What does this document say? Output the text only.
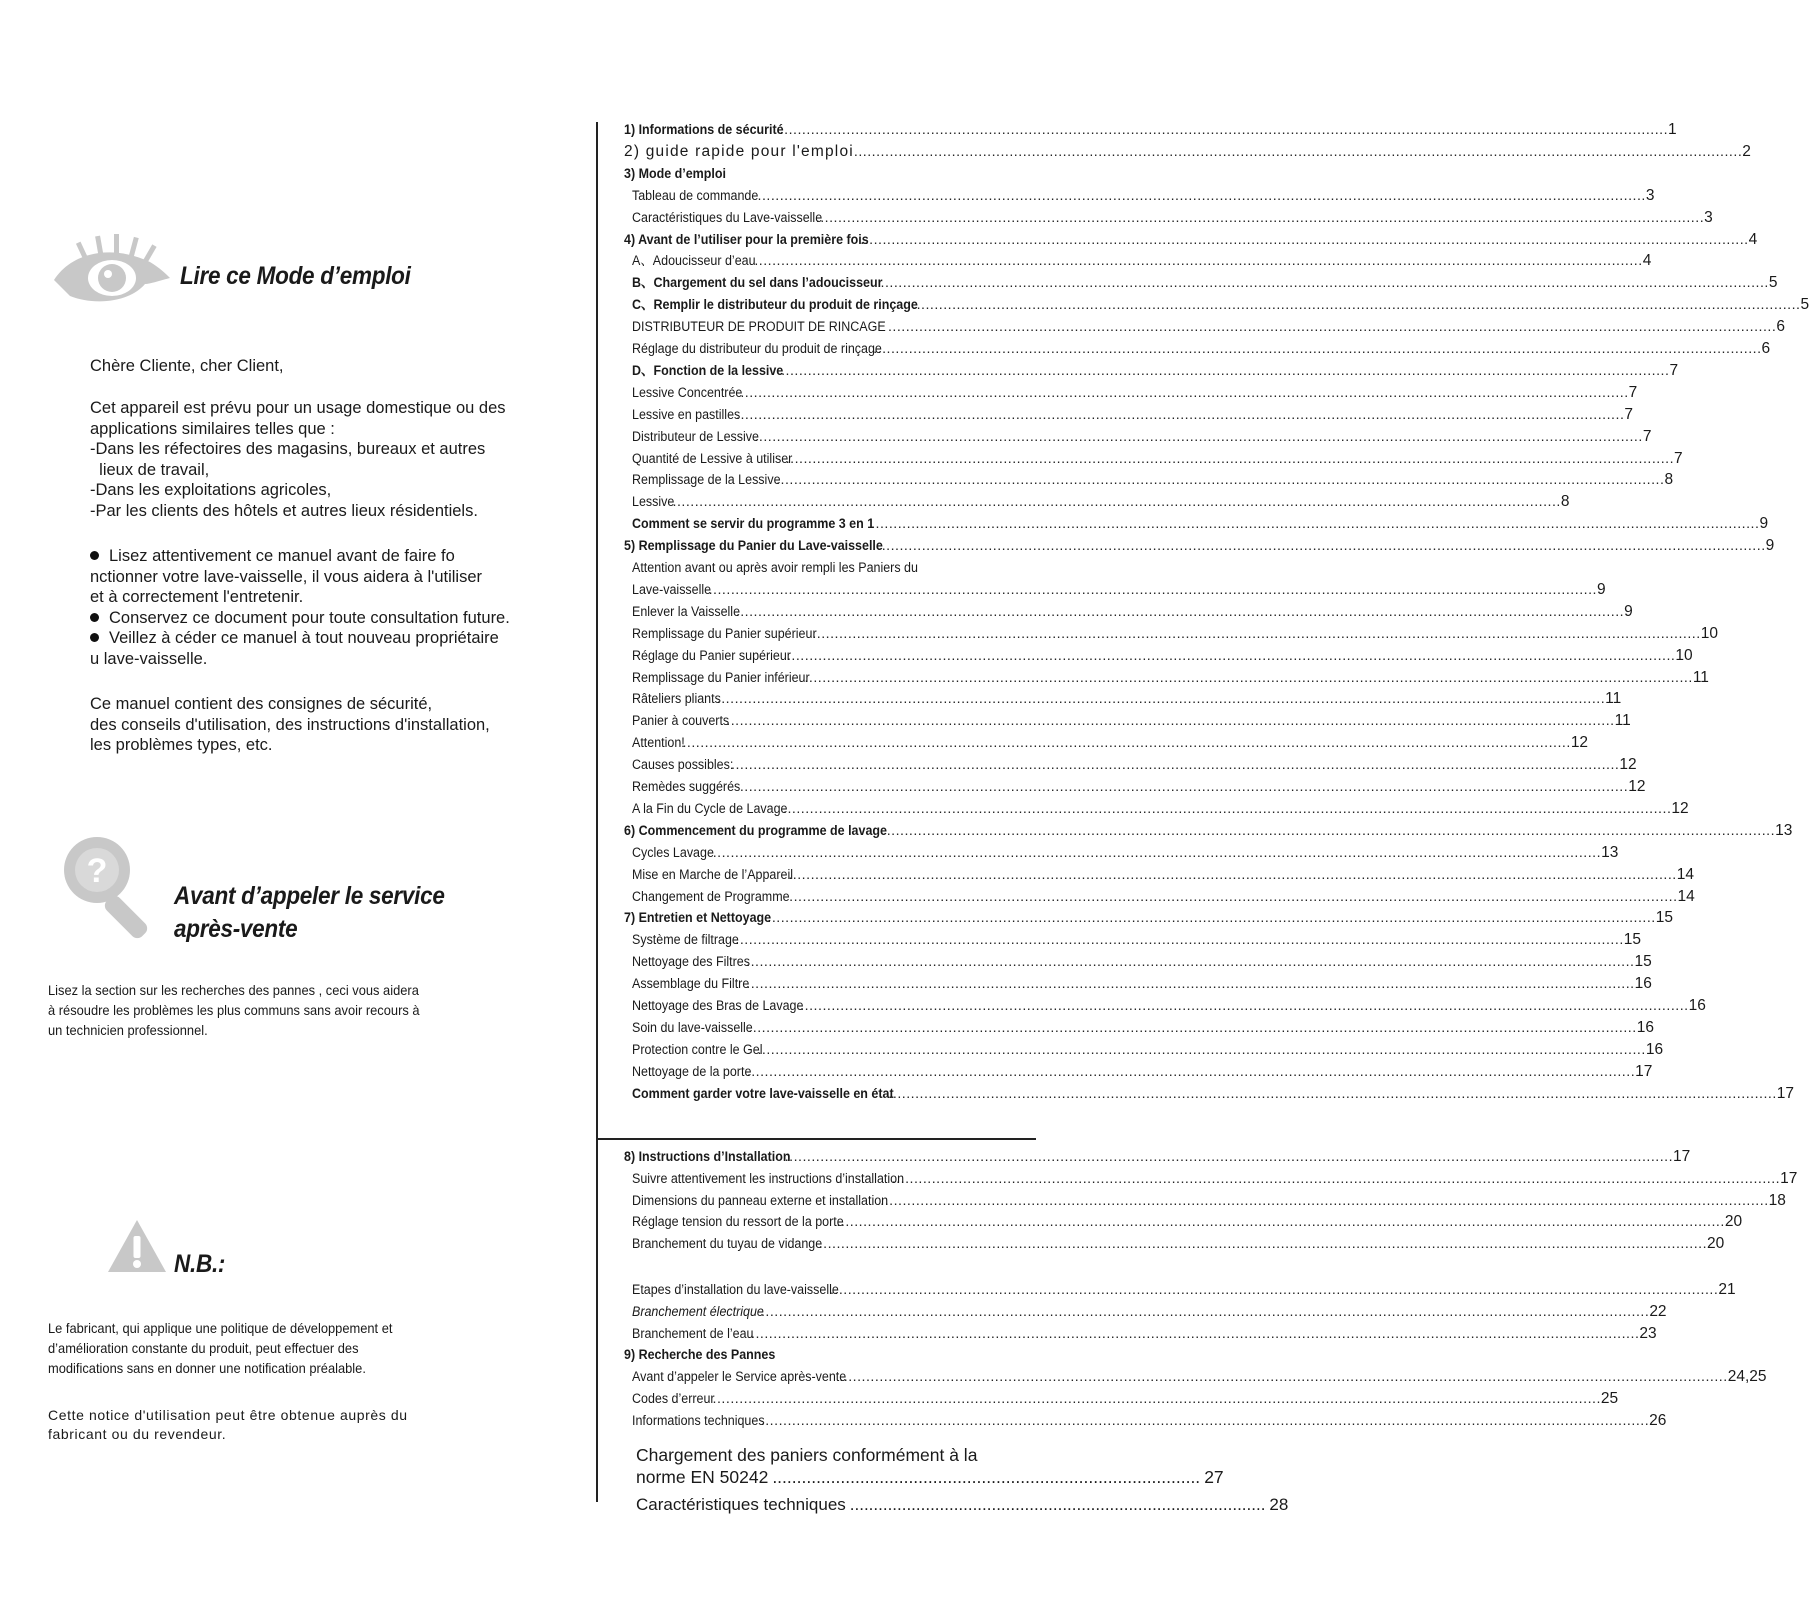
Lire ce Mode d’emploi
Chère Cliente, cher Client,
Cet appareil est prévu pour un usage domestique ou des
applications similaires telles que :
-Dans les réfectoires des magasins, bureaux et autres
lieux de travail,
-Dans les exploitations agricoles,
-Par les clients des hôtels et autres lieux résidentiels.
Lisez attentivement ce manuel avant de faire fo
nctionner votre lave-vaisselle, il vous aidera à l'utiliser
et à correctement l'entretenir.
Conservez ce document pour toute consultation future.
Veillez à céder ce manuel à tout nouveau propriétaire
u lave-vaisselle.
Ce manuel contient des consignes de sécurité,
des conseils d'utilisation, des instructions d'installation,
les problèmes types, etc.
?
Avant d’appeler le service
après-vente
Lisez la section sur les recherches des pannes , ceci vous aidera
à résoudre les problèmes les plus communs sans avoir recours à
un technicien professionnel.
N.B.:
Le fabricant, qui applique une politique de développement et
d’amélioration constante du produit, peut effectuer des
modifications sans en donner une notification préalable.
Cette notice d'utilisation peut être obtenue auprès du
fabricant ou du revendeur.
1) Informations de sécurité
........................................................................................................................................................................................................ 1
2) guide rapide pour l'emploi ........................................................................................................................................................................................................ 2
3) Mode d’emploi
Tableau de commande ........................................................................................................................................................................................................ 3
Caractéristiques du Lave-vaisselle
........................................................................................................................................................................................................ 3
4) Avant de l’utiliser pour la première fois
........................................................................................................................................................................................................ 4
A、Adoucisseur d’eau
........................................................................................................................................................................................................ 4
B、Chargement du sel dans l’adoucisseur
........................................................................................................................................................................................................ 5
C、Remplir le distributeur du produit de rinçage
........................................................................................................................................................................................................ 5
DISTRIBUTEUR DE PRODUIT DE RINCAGE ........................................................................................................................................................................................................ 6
Réglage du distributeur du produit de rinçage
........................................................................................................................................................................................................ 6
D、Fonction de la lessive
........................................................................................................................................................................................................ 7
Lessive Concentrée
........................................................................................................................................................................................................ 7
Lessive en pastilles
........................................................................................................................................................................................................ 7
Distributeur de Lessive
........................................................................................................................................................................................................ 7
Quantité de Lessive à utiliser
........................................................................................................................................................................................................ 7
Remplissage de la Lessive
........................................................................................................................................................................................................ 8
Lessive
........................................................................................................................................................................................................ 8
Comment se servir du programme 3 en 1
........................................................................................................................................................................................................ 9
5) Remplissage du Panier du Lave-vaisselle
........................................................................................................................................................................................................ 9
Attention avant ou après avoir rempli les Paniers du
Lave-vaisselle
........................................................................................................................................................................................................ 9
Enlever la Vaisselle
........................................................................................................................................................................................................ 9
Remplissage du Panier supérieur
........................................................................................................................................................................................................ 10
Réglage du Panier supérieur
........................................................................................................................................................................................................ 10
Remplissage du Panier inférieur
........................................................................................................................................................................................................ 11
Râteliers pliants
........................................................................................................................................................................................................ 11
Panier à couverts
........................................................................................................................................................................................................ 11
Attention!
........................................................................................................................................................................................................ 12
Causes possibles:
........................................................................................................................................................................................................ 12
Remèdes suggérés ........................................................................................................................................................................................................ 12
A la Fin du Cycle de Lavage
........................................................................................................................................................................................................ 12
6) Commencement du programme de lavage ........................................................................................................................................................................................................ 13
Cycles Lavage
........................................................................................................................................................................................................ 13
Mise en Marche de l’Appareil
........................................................................................................................................................................................................ 14
Changement de Programme ........................................................................................................................................................................................................ 14
7) Entretien et Nettoyage
........................................................................................................................................................................................................ 15
Système de filtrage
........................................................................................................................................................................................................ 15
Nettoyage des Filtres
........................................................................................................................................................................................................ 15
Assemblage du Filtre
........................................................................................................................................................................................................ 16
Nettoyage des Bras de Lavage
........................................................................................................................................................................................................ 16
Soin du lave-vaisselle
........................................................................................................................................................................................................ 16
Protection contre le Gel
........................................................................................................................................................................................................ 16
Nettoyage de la porte
........................................................................................................................................................................................................ 17
Comment garder votre lave-vaisselle en état
........................................................................................................................................................................................................ 17
8) Instructions d’Installation
........................................................................................................................................................................................................ 17
Suivre attentivement les instructions d’installation
........................................................................................................................................................................................................ 17
Dimensions du panneau externe et installation
........................................................................................................................................................................................................ 18
Réglage tension du ressort de la porte
........................................................................................................................................................................................................ 20
Branchement du tuyau de vidange
........................................................................................................................................................................................................ 20
Etapes d’installation du lave-vaisselle
........................................................................................................................................................................................................ 21
Branchement électrique
........................................................................................................................................................................................................ 22
Branchement de l’eau
........................................................................................................................................................................................................ 23
9) Recherche des Pannes
Avant d’appeler le Service après-vente
........................................................................................................................................................................................................ 24,25
Codes d’erreur
........................................................................................................................................................................................................ 25
Informations techniques
........................................................................................................................................................................................................ 26
Chargement des paniers conformément à la
norme EN 50242 ........................................................................................ 27
Caractéristiques techniques ........................................................................................ 28
